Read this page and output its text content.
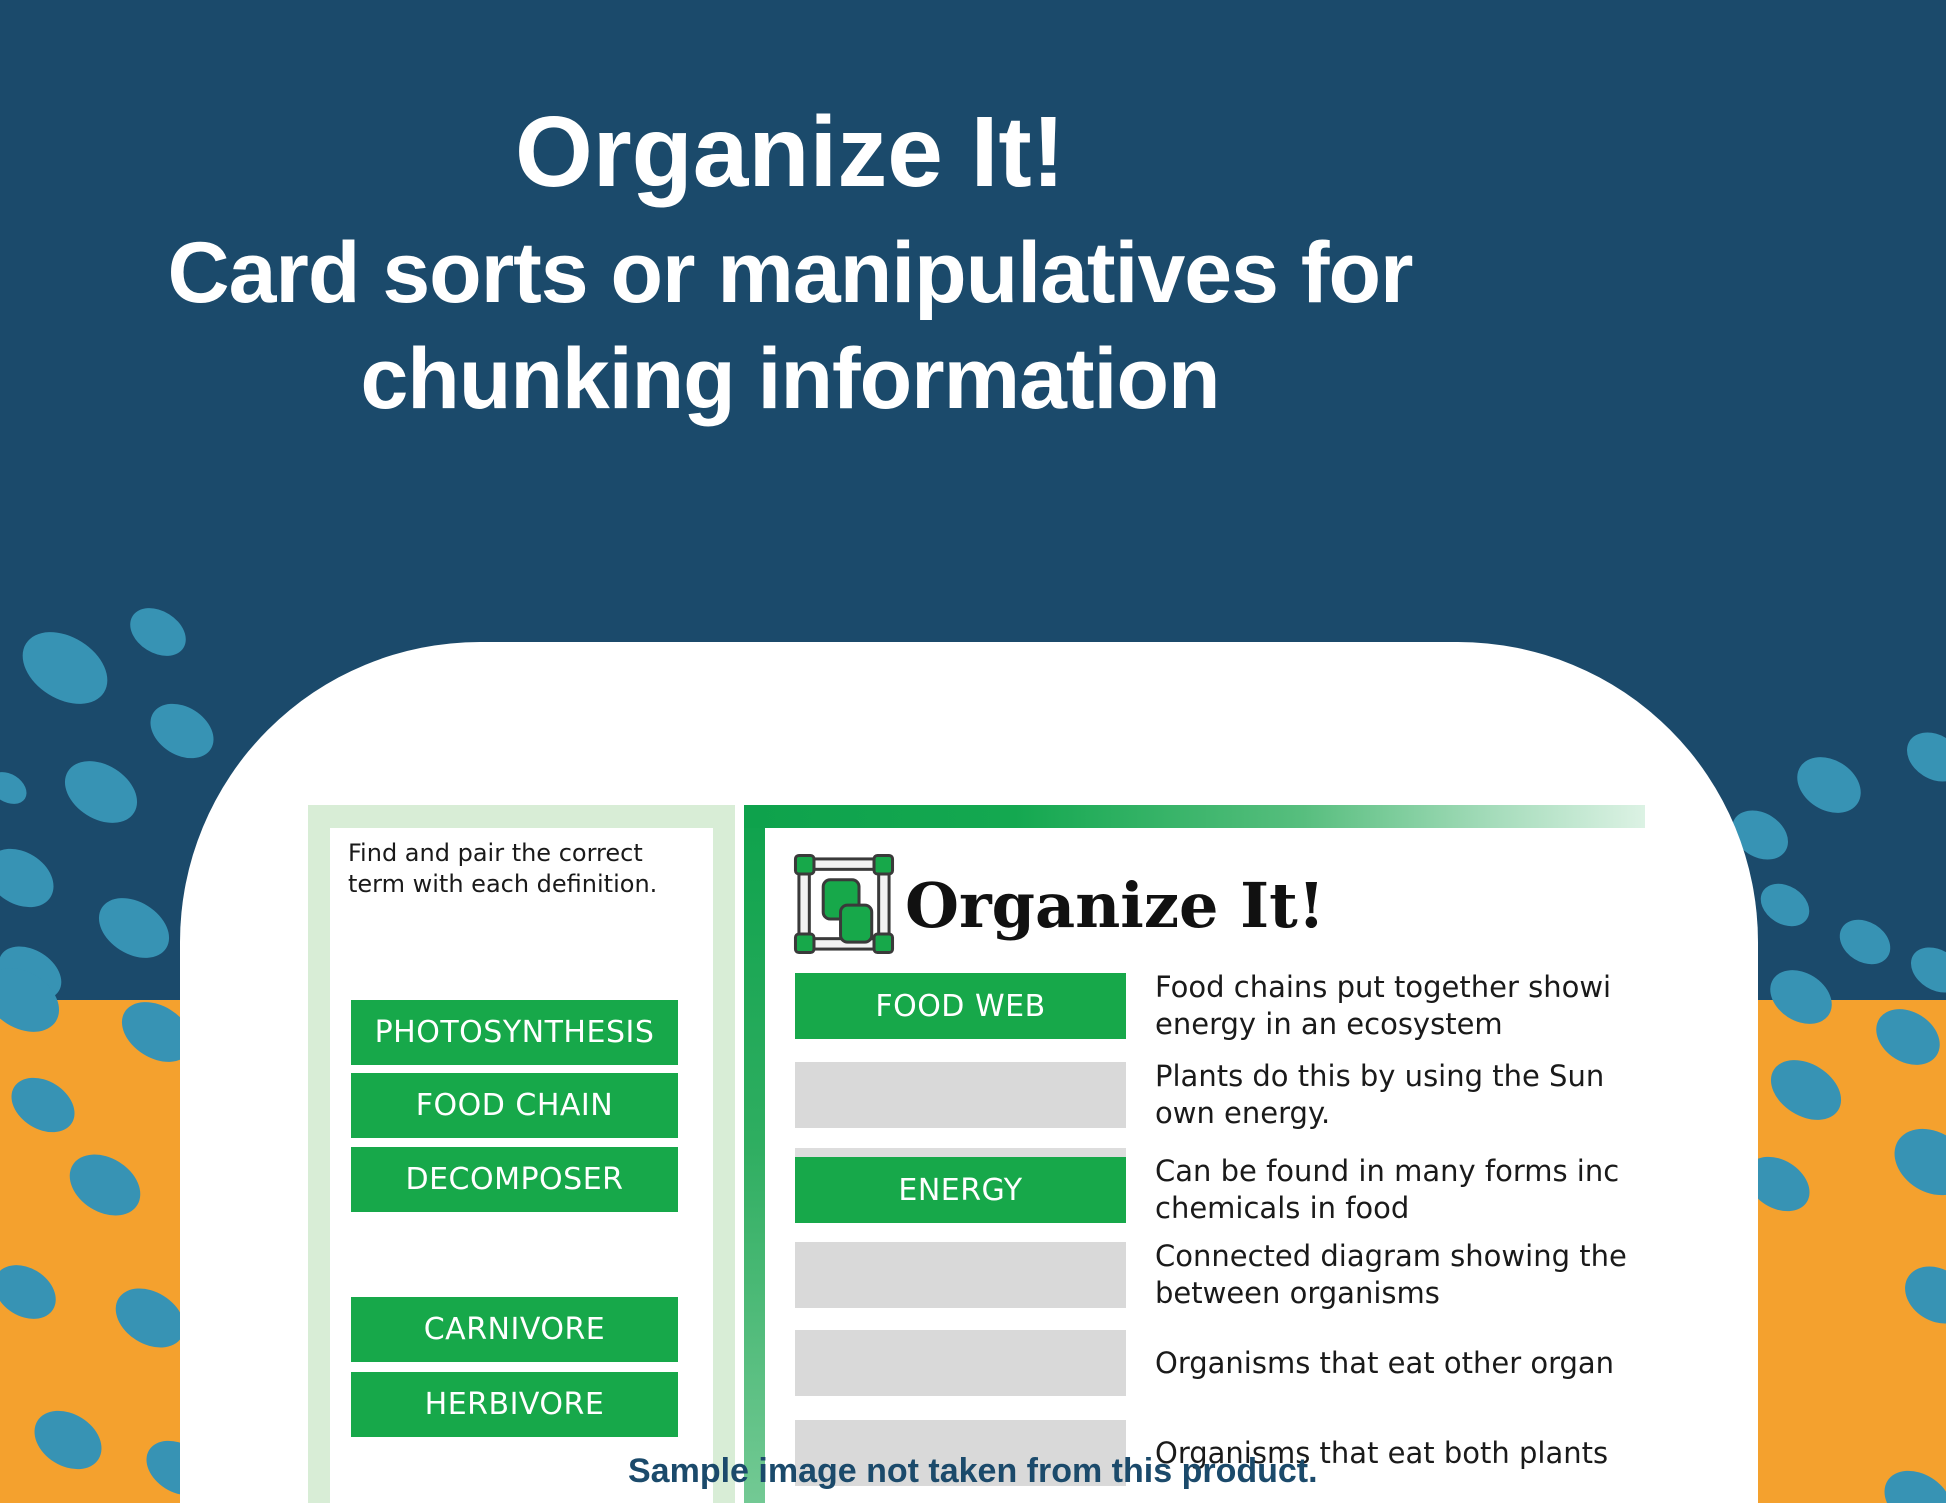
Organize It!
Card sorts or manipulatives for
chunking information
Find and pair the correct
term with each definition.
PHOTOSYNTHESIS
FOOD CHAIN
DECOMPOSER
CARNIVORE
HERBIVORE
Organize It!
FOOD WEB
ENERGY
Food chains put together showi
energy in an ecosystem
Plants do this by using the Sun
own energy.
Can be found in many forms inc
chemicals in food
Connected diagram showing the
between organisms
Organisms that eat other organ
Organisms that eat both plants
Sample image not taken from this product.
